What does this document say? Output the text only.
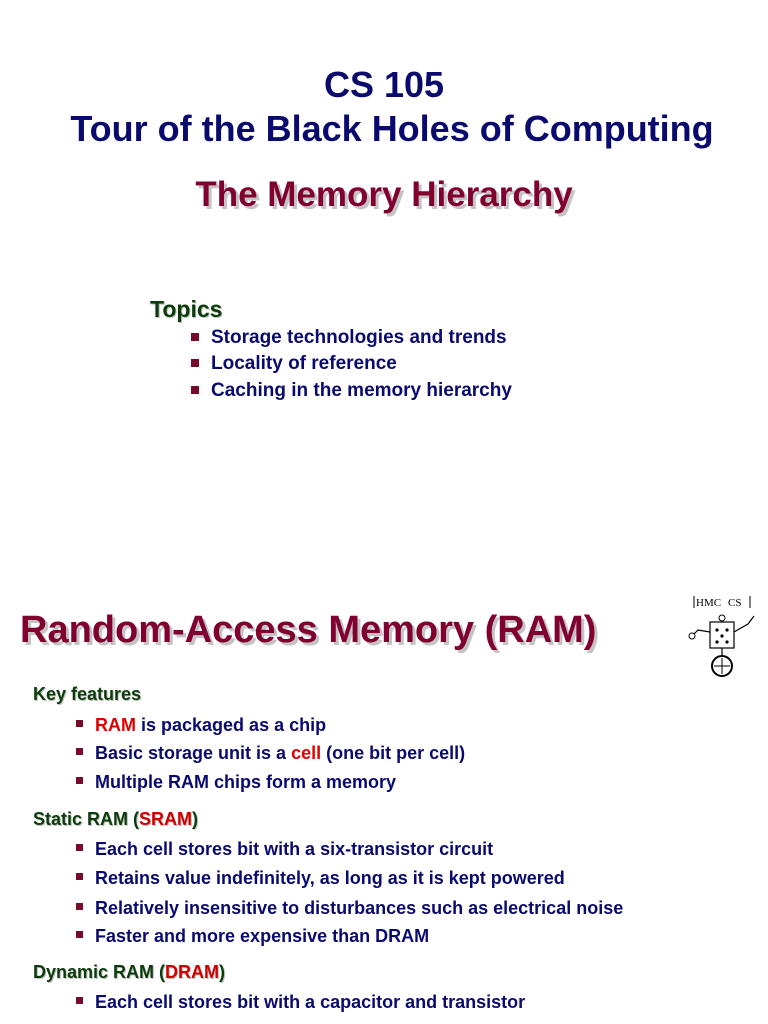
CS 105
Tour of the Black Holes of Computing
The Memory Hierarchy
Topics
Storage technologies and trends
Locality of reference
Caching in the memory hierarchy
Random-Access Memory (RAM)
HMC CS
Key features
RAM is packaged as a chip
Basic storage unit is a cell (one bit per cell)
Multiple RAM chips form a memory
Static RAM (SRAM)
Each cell stores bit with a six-transistor circuit
Retains value indefinitely, as long as it is kept powered
Relatively insensitive to disturbances such as electrical noise
Faster and more expensive than DRAM
Dynamic RAM (DRAM)
Each cell stores bit with a capacitor and transistor
